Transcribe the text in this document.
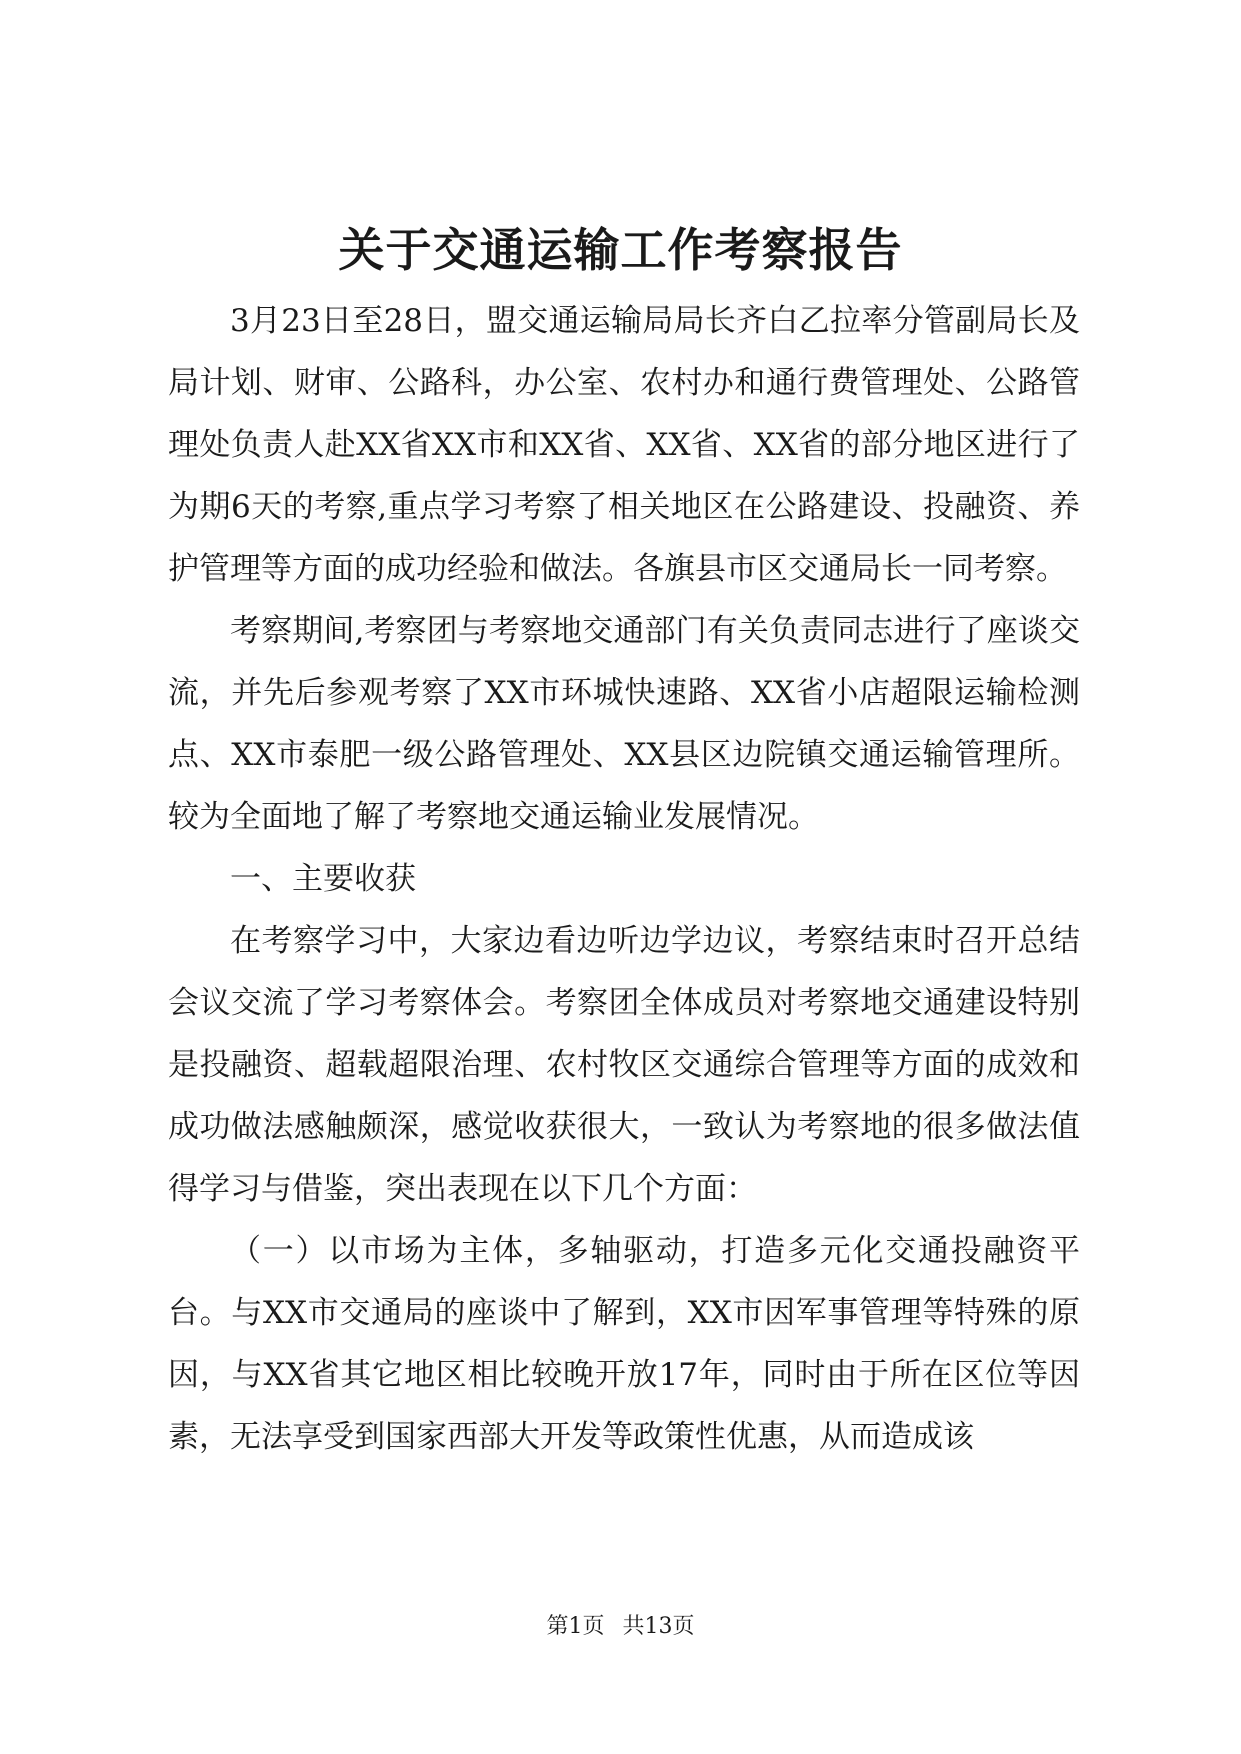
关于交通运输工作考察报告

3月23日至28日，盟交通运输局局长齐白乙拉率分管副局长及局计划、财审、公路科，办公室、农村办和通行费管理处、公路管理处负责人赴XX省XX市和XX省、XX省、XX省的部分地区进行了为期6天的考察,重点学习考察了相关地区在公路建设、投融资、养护管理等方面的成功经验和做法。各旗县市区交通局长一同考察。

考察期间,考察团与考察地交通部门有关负责同志进行了座谈交流，并先后参观考察了XX市环城快速路、XX省小店超限运输检测点、XX市泰肥一级公路管理处、XX县区边院镇交通运输管理所。较为全面地了解了考察地交通运输业发展情况。

一、主要收获

在考察学习中，大家边看边听边学边议，考察结束时召开总结会议交流了学习考察体会。考察团全体成员对考察地交通建设特别是投融资、超载超限治理、农村牧区交通综合管理等方面的成效和成功做法感触颇深，感觉收获很大，一致认为考察地的很多做法值得学习与借鉴，突出表现在以下几个方面：

（一）以市场为主体，多轴驱动，打造多元化交通投融资平台。与XX市交通局的座谈中了解到，XX市因军事管理等特殊的原因，与XX省其它地区相比较晚开放17年，同时由于所在区位等因素，无法享受到国家西部大开发等政策性优惠，从而造成该

第1页 共13页
